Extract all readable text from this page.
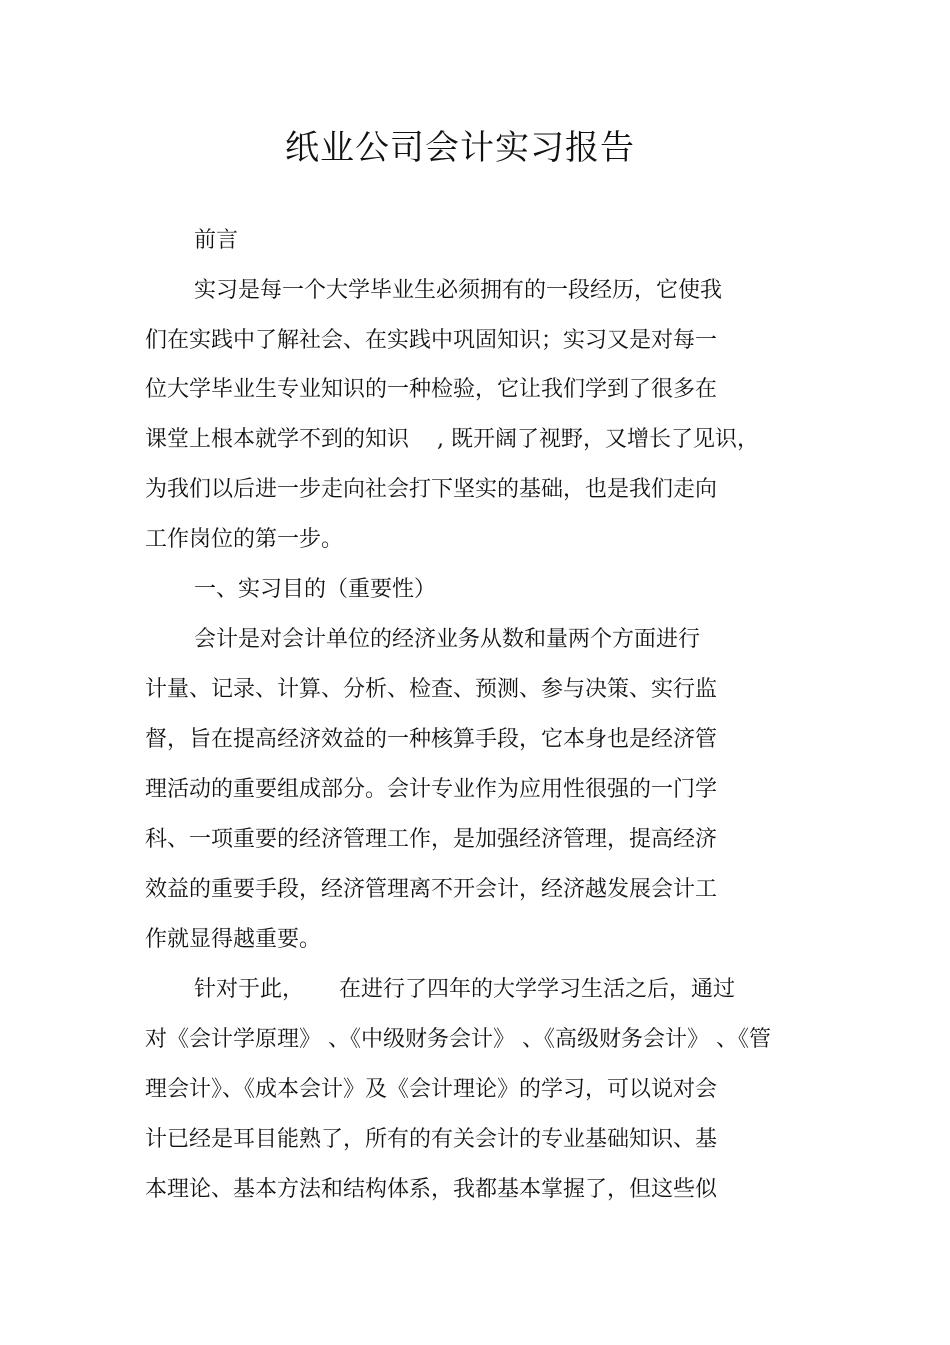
纸业公司会计实习报告
前言
实习是每一个大学毕业生必须拥有的一段经历，它使我
们在实践中了解社会、在实践中巩固知识；实习又是对每一
位大学毕业生专业知识的一种检验，它让我们学到了很多在
课堂上根本就学不到的知识    , 既开阔了视野，又增长了见识，
为我们以后进一步走向社会打下坚实的基础，也是我们走向
工作岗位的第一步。
一、实习目的（重要性）
会计是对会计单位的经济业务从数和量两个方面进行
计量、记录、计算、分析、检查、预测、参与决策、实行监
督，旨在提高经济效益的一种核算手段，它本身也是经济管
理活动的重要组成部分。会计专业作为应用性很强的一门学
科、一项重要的经济管理工作，是加强经济管理，提高经济
效益的重要手段，经济管理离不开会计，经济越发展会计工
作就显得越重要。
针对于此，     在进行了四年的大学学习生活之后，通过
对《会计学原理》 、《中级财务会计》 、《高级财务会计》 、《管
理会计》、《成本会计》及《会计理论》的学习，可以说对会
计已经是耳目能熟了，所有的有关会计的专业基础知识、基
本理论、基本方法和结构体系，我都基本掌握了，但这些似
